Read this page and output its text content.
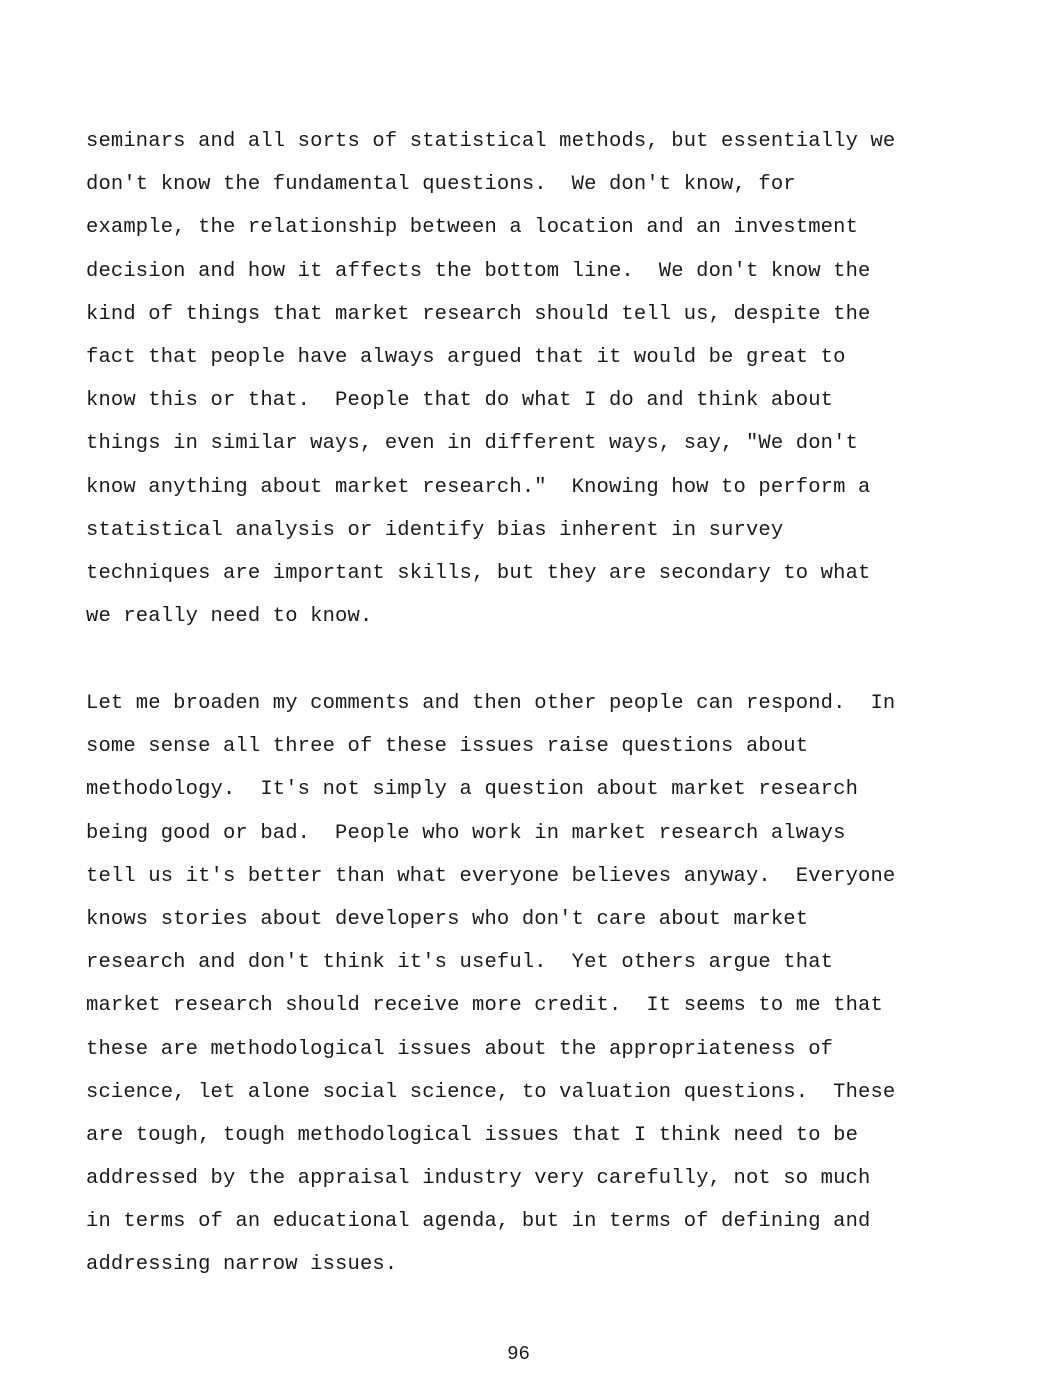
seminars and all sorts of statistical methods, but essentially we
don't know the fundamental questions.  We don't know, for
example, the relationship between a location and an investment
decision and how it affects the bottom line.  We don't know the
kind of things that market research should tell us, despite the
fact that people have always argued that it would be great to
know this or that.  People that do what I do and think about
things in similar ways, even in different ways, say, "We don't
know anything about market research."  Knowing how to perform a
statistical analysis or identify bias inherent in survey
techniques are important skills, but they are secondary to what
we really need to know.
Let me broaden my comments and then other people can respond.  In
some sense all three of these issues raise questions about
methodology.  It's not simply a question about market research
being good or bad.  People who work in market research always
tell us it's better than what everyone believes anyway.  Everyone
knows stories about developers who don't care about market
research and don't think it's useful.  Yet others argue that
market research should receive more credit.  It seems to me that
these are methodological issues about the appropriateness of
science, let alone social science, to valuation questions.  These
are tough, tough methodological issues that I think need to be
addressed by the appraisal industry very carefully, not so much
in terms of an educational agenda, but in terms of defining and
addressing narrow issues.
96
